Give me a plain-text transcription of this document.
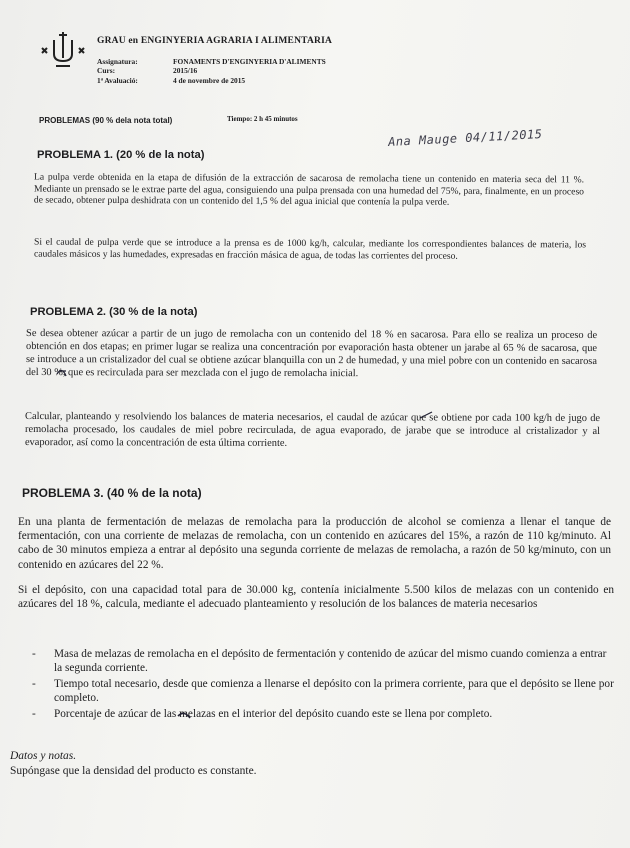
GRAU en ENGINYERIA AGRARIA I ALIMENTARIA
Assignatura:	FONAMENTS D'ENGINYERIA D'ALIMENTS
Curs:	2015/16
1ª Avaluació:	4 de novembre de 2015
PROBLEMAS (90 % dela nota total)	Tiempo: 2 h 45 minutos
Ana Mauge 04/11/2015
PROBLEMA 1. (20 % de la nota)
La pulpa verde obtenida en la etapa de difusión de la extracción de sacarosa de remolacha tiene un contenido en materia seca del 11 %. Mediante un prensado se le extrae parte del agua, consiguiendo una pulpa prensada con una humedad del 75%, para, finalmente, en un proceso de secado, obtener pulpa deshidrata con un contenido del 1,5 % del agua inicial que contenía la pulpa verde.
Si el caudal de pulpa verde que se introduce a la prensa es de 1000 kg/h, calcular, mediante los correspondientes balances de materia, los caudales másicos y las humedades, expresadas en fracción másica de agua, de todas las corrientes del proceso.
PROBLEMA 2. (30 % de la nota)
Se desea obtener azúcar a partir de un jugo de remolacha con un contenido del 18 % en sacarosa. Para ello se realiza un proceso de obtención en dos etapas; en primer lugar se realiza una concentración por evaporación hasta obtener un jarabe al 65 % de sacarosa, que se introduce a un cristalizador del cual se obtiene azúcar blanquilla con un 2 de humedad, y una miel pobre con un contenido en sacarosa del 30 %, que es recirculada para ser mezclada con el jugo de remolacha inicial.
Calcular, planteando y resolviendo los balances de materia necesarios, el caudal de azúcar que se obtiene por cada 100 kg/h de jugo de remolacha procesado, los caudales de miel pobre recirculada, de agua evaporado, de jarabe que se introduce al cristalizador y al evaporador, así como la concentración de esta última corriente.
PROBLEMA 3. (40 % de la nota)
En una planta de fermentación de melazas de remolacha para la producción de alcohol se comienza a llenar el tanque de fermentación, con una corriente de melazas de remolacha, con un contenido en azúcares del 15%, a razón de 110 kg/minuto. Al cabo de 30 minutos empieza a entrar al depósito una segunda corriente de melazas de remolacha, a razón de 50 kg/minuto, con un contenido en azúcares del 22 %.
Si el depósito, con una capacidad total para de 30.000 kg, contenía inicialmente 5.500 kilos de melazas con un contenido en azúcares del 18 %, calcula, mediante el adecuado planteamiento y resolución de los balances de materia necesarios
- Masa de melazas de remolacha en el depósito de fermentación y contenido de azúcar del mismo cuando comienza a entrar la segunda corriente.
- Tiempo total necesario, desde que comienza a llenarse el depósito con la primera corriente, para que el depósito se llene por completo.
- Porcentaje de azúcar de las melazas en el interior del depósito cuando este se llena por completo.
Datos y notas.
Supóngase que la densidad del producto es constante.
